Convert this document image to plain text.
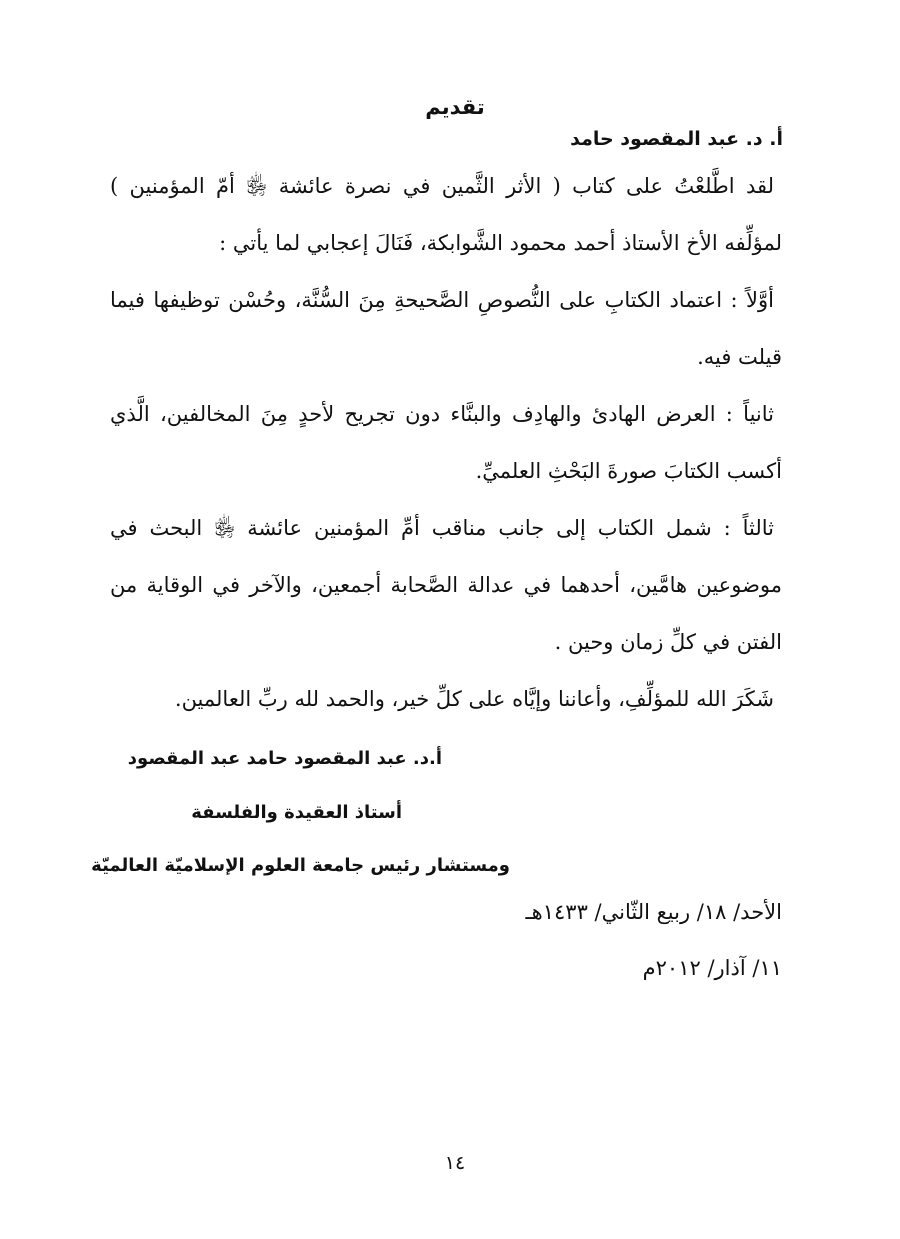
تقديم
أ. د. عبد المقصود حامد

لقد اطَّلعْتُ على كتاب ( الأثر الثَّمين في نصرة عائشة ﵂ أمّ المؤمنين ) لمؤلِّفه الأخ الأستاذ أحمد محمود الشَّوابكة، فَنَالَ إعجابي لما يأتي :

أوَّلاً : اعتماد الكتابِ على النُّصوصِ الصَّحيحةِ مِنَ السُّنَّة، وحُسْن توظيفها فيما قيلت فيه.

ثانياً : العرض الهادئ والهادِف والبنَّاء دون تجريح لأحدٍ مِنَ المخالفين، الَّذي أكسب الكتابَ صورةَ البَحْثِ العلميِّ.

ثالثاً : شمل الكتاب إلى جانب مناقب أمِّ المؤمنين عائشة ﵂ البحث في موضوعين هامَّين، أحدهما في عدالة الصَّحابة أجمعين، والآخر في الوقاية من الفتن في كلِّ زمان وحين .

شَكَرَ الله للمؤلِّفِ، وأعاننا وإيَّاه على كلِّ خير، والحمد لله ربِّ العالمين.

أ.د. عبد المقصود حامد عبد المقصود
أستاذ العقيدة والفلسفة
ومستشار رئيس جامعة العلوم الإسلاميّة العالميّة
الأحد/ ١٨/ ربيع الثّاني/ ١٤٣٣هـ
١١/ آذار/ ٢٠١٢م
١٤
